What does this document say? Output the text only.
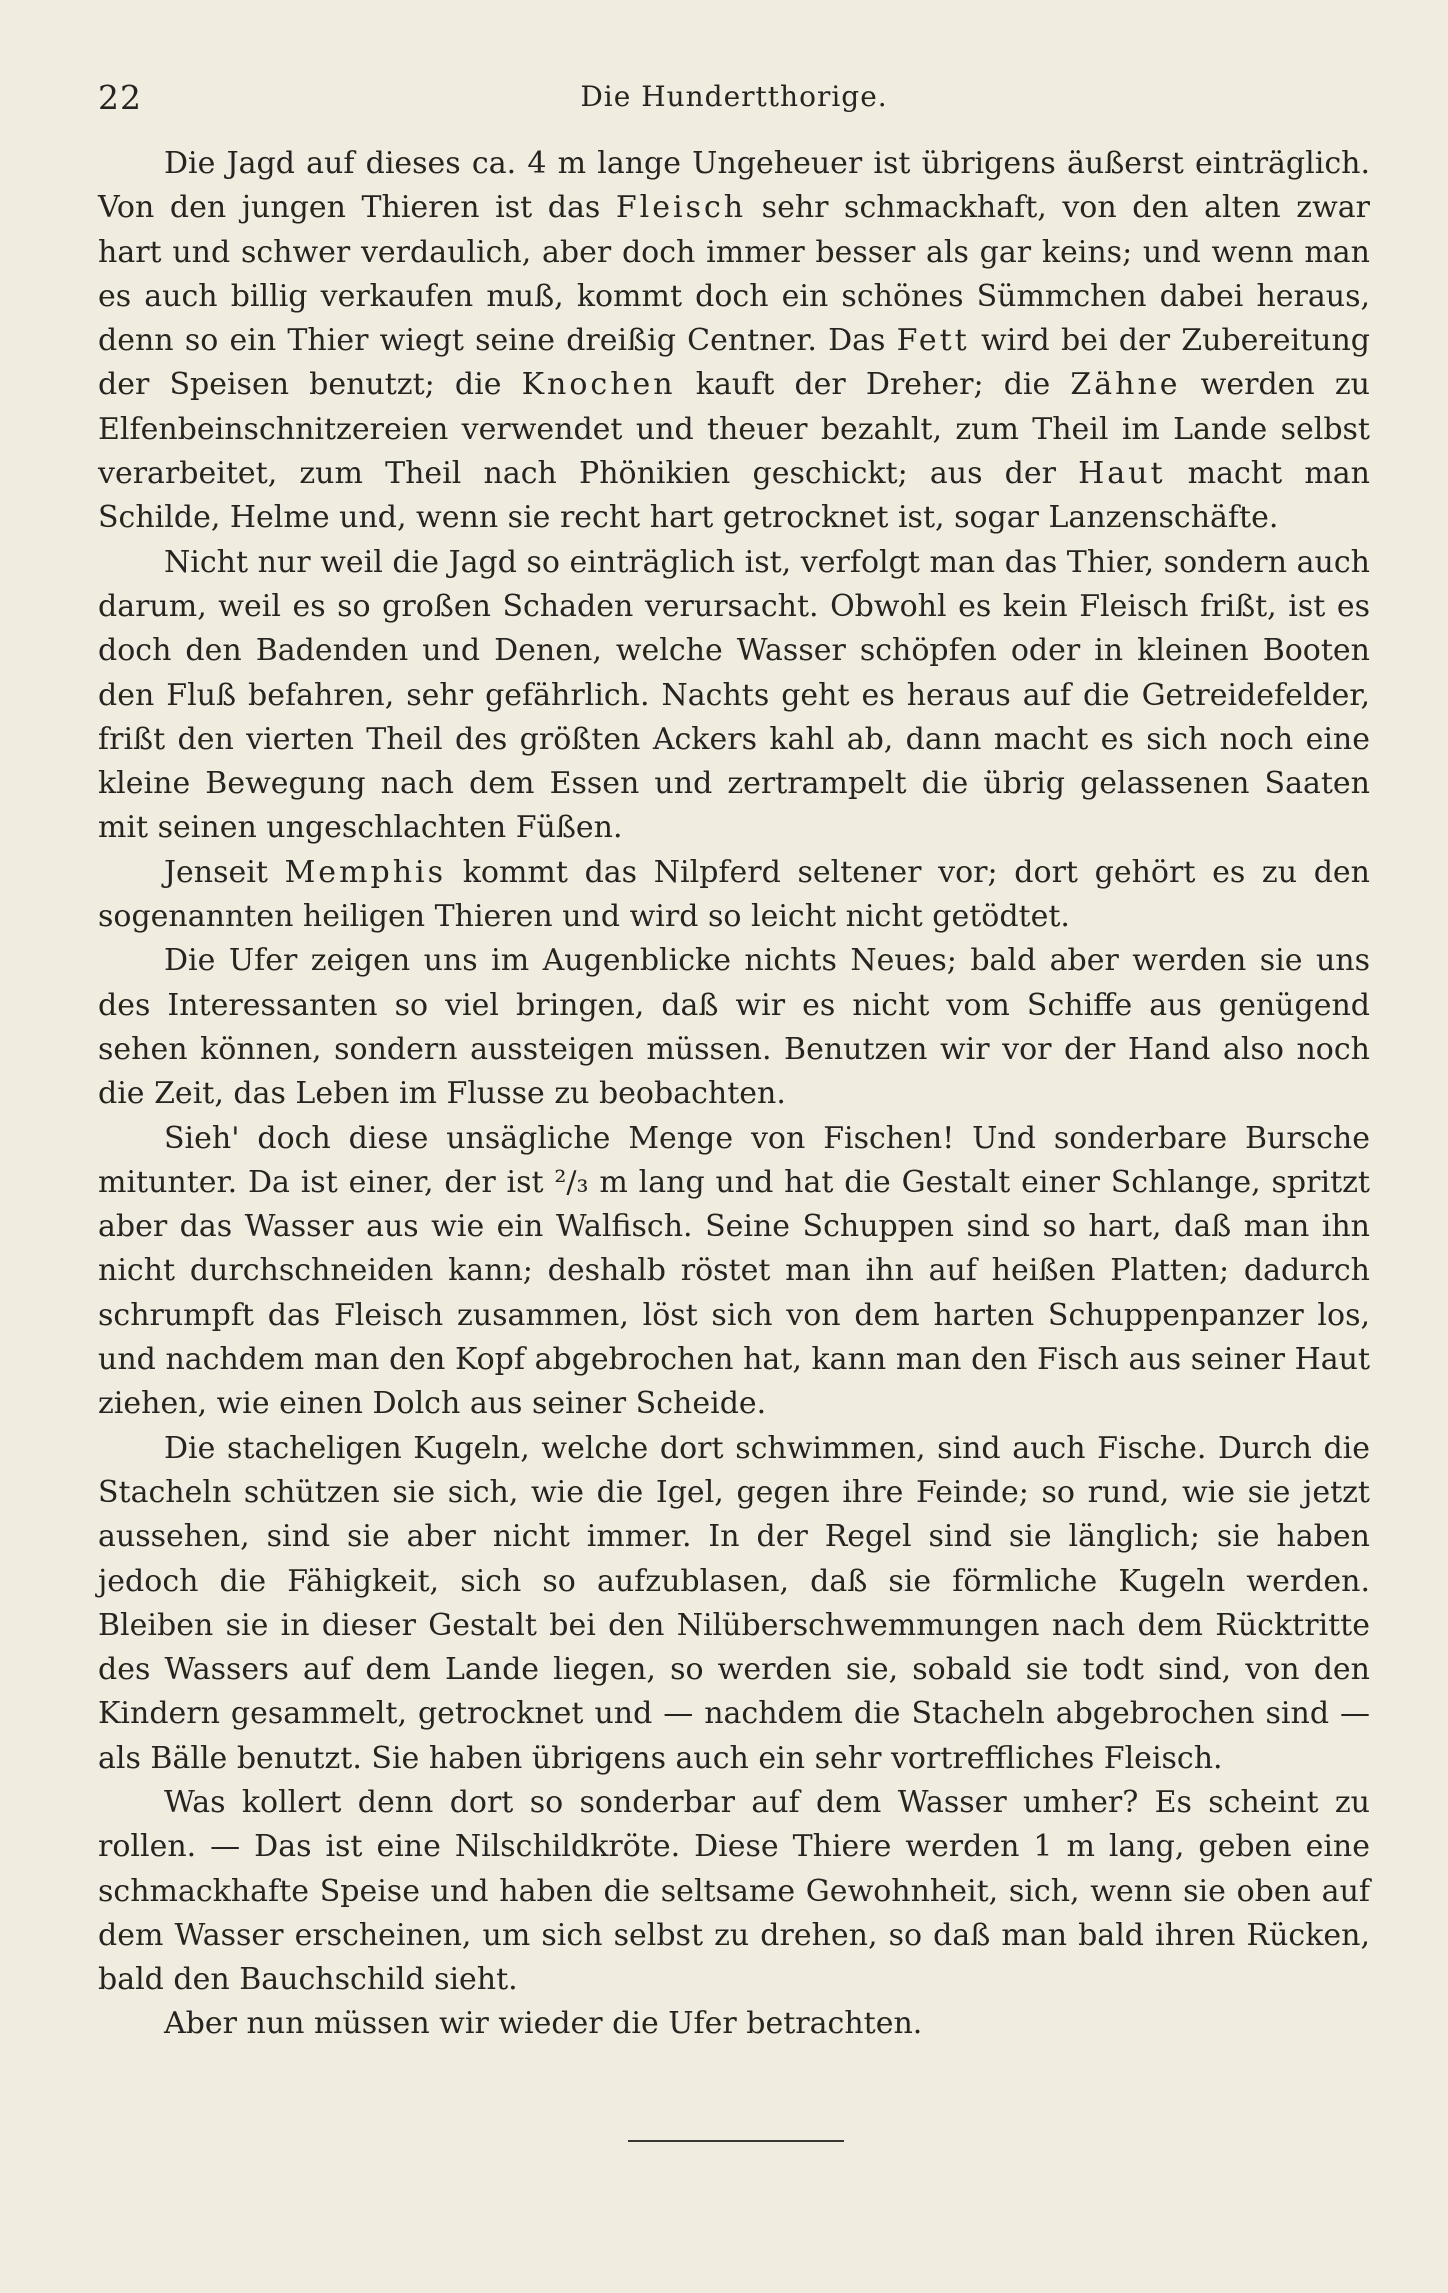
22	Die Hundertthorige.

Die Jagd auf dieses ca. 4 m lange Ungeheuer ist übrigens äußerst einträglich. Von den jungen Thieren ist das Fleisch sehr schmackhaft, von den alten zwar hart und schwer verdaulich, aber doch immer besser als gar keins; und wenn man es auch billig verkaufen muß, kommt doch ein schönes Sümmchen dabei heraus, denn so ein Thier wiegt seine dreißig Centner. Das Fett wird bei der Zubereitung der Speisen benutzt; die Knochen kauft der Dreher; die Zähne werden zu Elfenbeinschnitzereien verwendet und theuer bezahlt, zum Theil im Lande selbst verarbeitet, zum Theil nach Phönikien geschickt; aus der Haut macht man Schilde, Helme und, wenn sie recht hart getrocknet ist, sogar Lanzenschäfte.

Nicht nur weil die Jagd so einträglich ist, verfolgt man das Thier, sondern auch darum, weil es so großen Schaden verursacht. Obwohl es kein Fleisch frißt, ist es doch den Badenden und Denen, welche Wasser schöpfen oder in kleinen Booten den Fluß befahren, sehr gefährlich. Nachts geht es heraus auf die Getreidefelder, frißt den vierten Theil des größten Ackers kahl ab, dann macht es sich noch eine kleine Bewegung nach dem Essen und zertrampelt die übrig gelassenen Saaten mit seinen ungeschlachten Füßen.

Jenseit Memphis kommt das Nilpferd seltener vor; dort gehört es zu den sogenannten heiligen Thieren und wird so leicht nicht getödtet.

Die Ufer zeigen uns im Augenblicke nichts Neues; bald aber werden sie uns des Interessanten so viel bringen, daß wir es nicht vom Schiffe aus genügend sehen können, sondern aussteigen müssen. Benutzen wir vor der Hand also noch die Zeit, das Leben im Flusse zu beobachten.

Sieh' doch diese unsägliche Menge von Fischen! Und sonderbare Bursche mitunter. Da ist einer, der ist ²/₃ m lang und hat die Gestalt einer Schlange, spritzt aber das Wasser aus wie ein Walfisch. Seine Schuppen sind so hart, daß man ihn nicht durchschneiden kann; deshalb röstet man ihn auf heißen Platten; dadurch schrumpft das Fleisch zusammen, löst sich von dem harten Schuppenpanzer los, und nachdem man den Kopf abgebrochen hat, kann man den Fisch aus seiner Haut ziehen, wie einen Dolch aus seiner Scheide.

Die stacheligen Kugeln, welche dort schwimmen, sind auch Fische. Durch die Stacheln schützen sie sich, wie die Igel, gegen ihre Feinde; so rund, wie sie jetzt aussehen, sind sie aber nicht immer. In der Regel sind sie länglich; sie haben jedoch die Fähigkeit, sich so aufzublasen, daß sie förmliche Kugeln werden. Bleiben sie in dieser Gestalt bei den Nilüberschwemmungen nach dem Rücktritte des Wassers auf dem Lande liegen, so werden sie, sobald sie todt sind, von den Kindern gesammelt, getrocknet und — nachdem die Stacheln abgebrochen sind — als Bälle benutzt. Sie haben übrigens auch ein sehr vortreffliches Fleisch.

Was kollert denn dort so sonderbar auf dem Wasser umher? Es scheint zu rollen. — Das ist eine Nilschildkröte. Diese Thiere werden 1 m lang, geben eine schmackhafte Speise und haben die seltsame Gewohnheit, sich, wenn sie oben auf dem Wasser erscheinen, um sich selbst zu drehen, so daß man bald ihren Rücken, bald den Bauchschild sieht.

Aber nun müssen wir wieder die Ufer betrachten.
